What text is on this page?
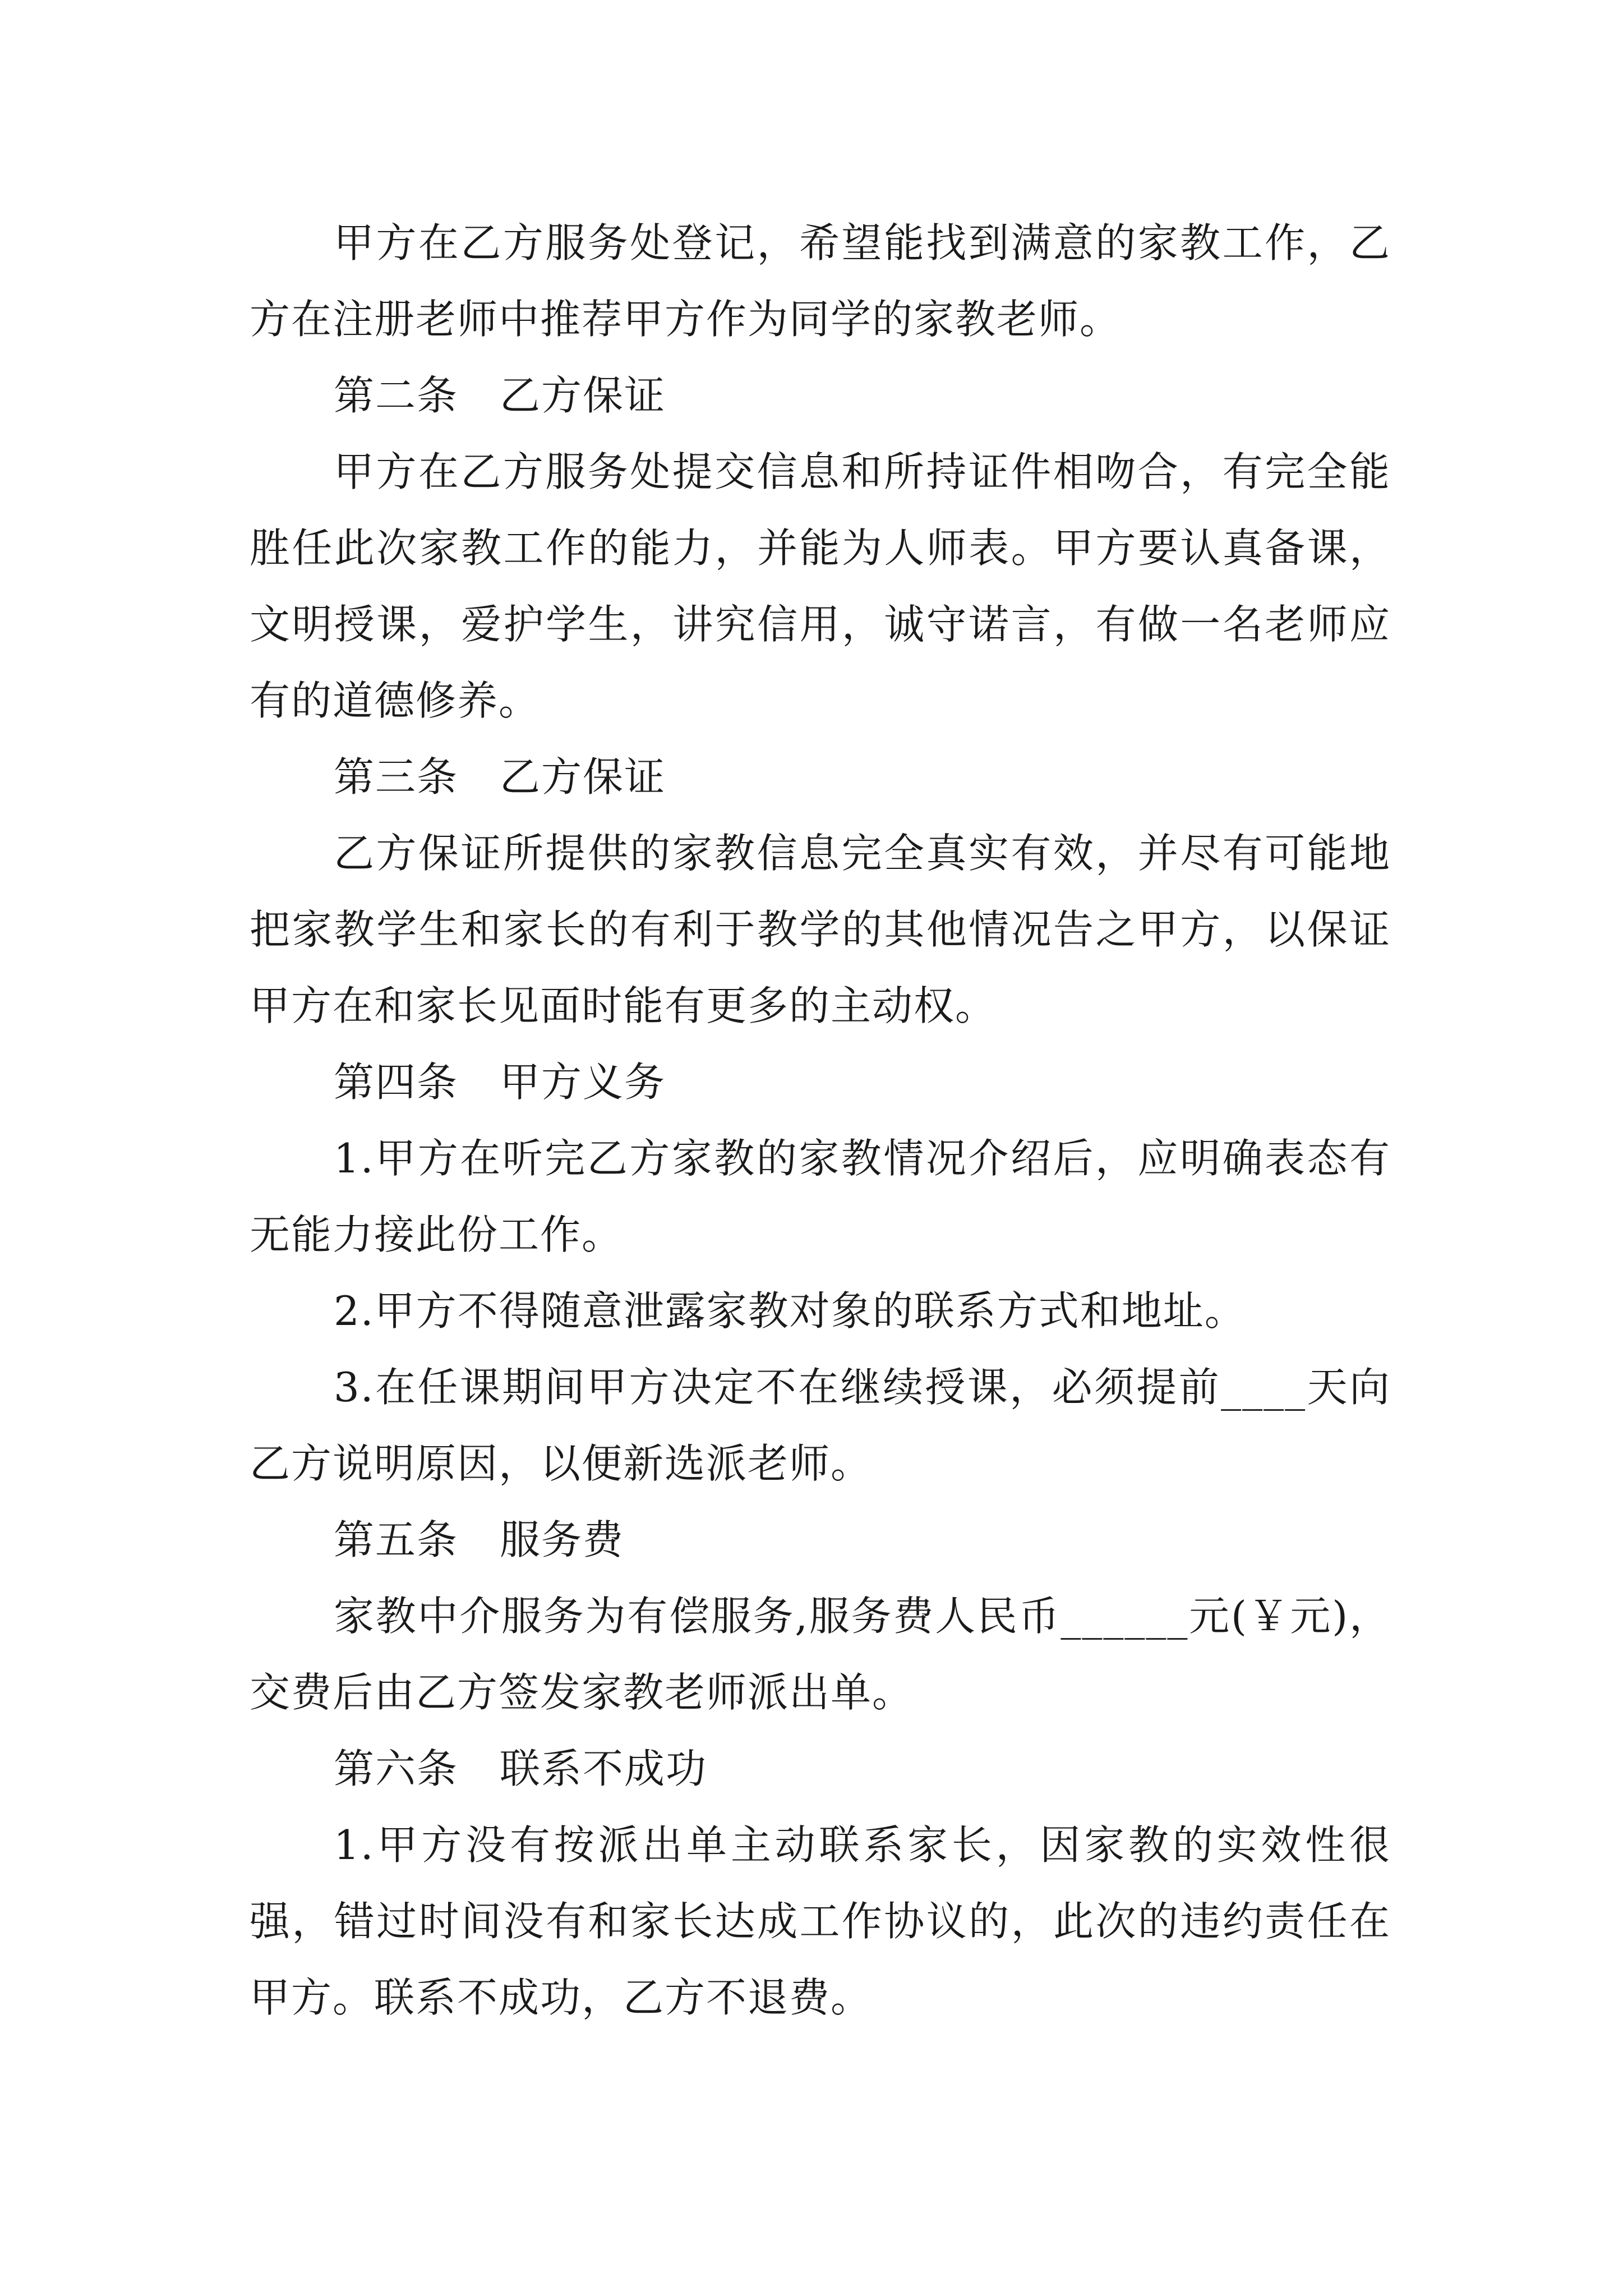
甲方在乙方服务处登记，希望能找到满意的家教工作，乙方在注册老师中推荐甲方作为同学的家教老师。

第二条　乙方保证

甲方在乙方服务处提交信息和所持证件相吻合，有完全能胜任此次家教工作的能力，并能为人师表。甲方要认真备课，文明授课，爱护学生，讲究信用，诚守诺言，有做一名老师应有的道德修养。

第三条　乙方保证

乙方保证所提供的家教信息完全真实有效，并尽有可能地把家教学生和家长的有利于教学的其他情况告之甲方，以保证甲方在和家长见面时能有更多的主动权。

第四条　甲方义务

1.甲方在听完乙方家教的家教情况介绍后，应明确表态有无能力接此份工作。

2.甲方不得随意泄露家教对象的联系方式和地址。

3.在任课期间甲方决定不在继续授课，必须提前____天向乙方说明原因，以便新选派老师。

第五条　服务费

家教中介服务为有偿服务,服务费人民币______元(￥元)，交费后由乙方签发家教老师派出单。

第六条　联系不成功

1.甲方没有按派出单主动联系家长，因家教的实效性很强，错过时间没有和家长达成工作协议的，此次的违约责任在甲方。联系不成功，乙方不退费。
